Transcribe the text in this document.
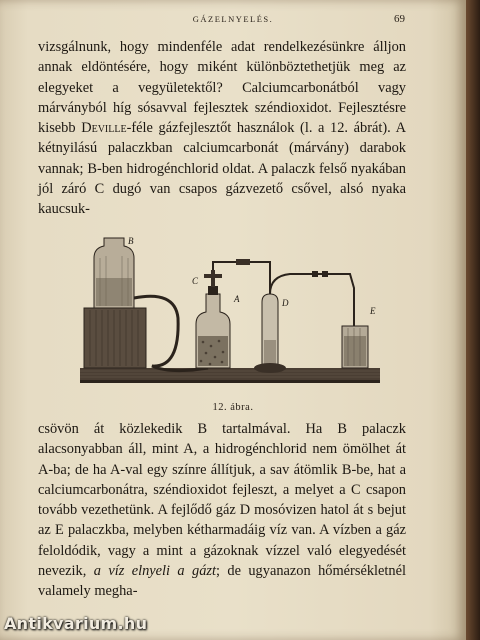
GÁZELNYELÉS.	69

vizsgálnunk, hogy mindenféle adat rendelkezésünkre álljon annak eldöntésére, hogy miként különböztethetjük meg az elegyeket a vegyületektől? Calciumcarbonátból vagy márványból híg sósavval fejlesztek széndioxidot. Fejlesztésre kisebb Deville-féle gázfejlesztőt használok (l. a 12. ábrát). A kétnyilású palaczkban calciumcarbonát (márvány) darabok vannak; B-ben hidrogénchlorid oldat. A palaczk felső nyakában jól záró C dugó van csapos gázvezető csővel, alsó nyaka kaucsuk-

B
C
A	D
E
12. ábra.

csövön át közlekedik B tartalmával. Ha B palaczk alacsonyabban áll, mint A, a hidrogénchlorid nem ömölhet át A-ba; de ha A-val egy színre állítjuk, a sav átömlik B-be, hat a calciumcarbonátra, széndioxidot fejleszt, a melyet a C csapon tovább vezethetünk. A fejlődő gáz D mosóvizen hatol át s bejut az E palaczkba, melyben kétharmadáig víz van. A vízben a gáz feloldódik, vagy a mint a gázoknak vízzel való elegyedését nevezik, a víz elnyeli a gázt; de ugyanazon hőmérsékletnél valamely megha-

Antikvarium.hu
